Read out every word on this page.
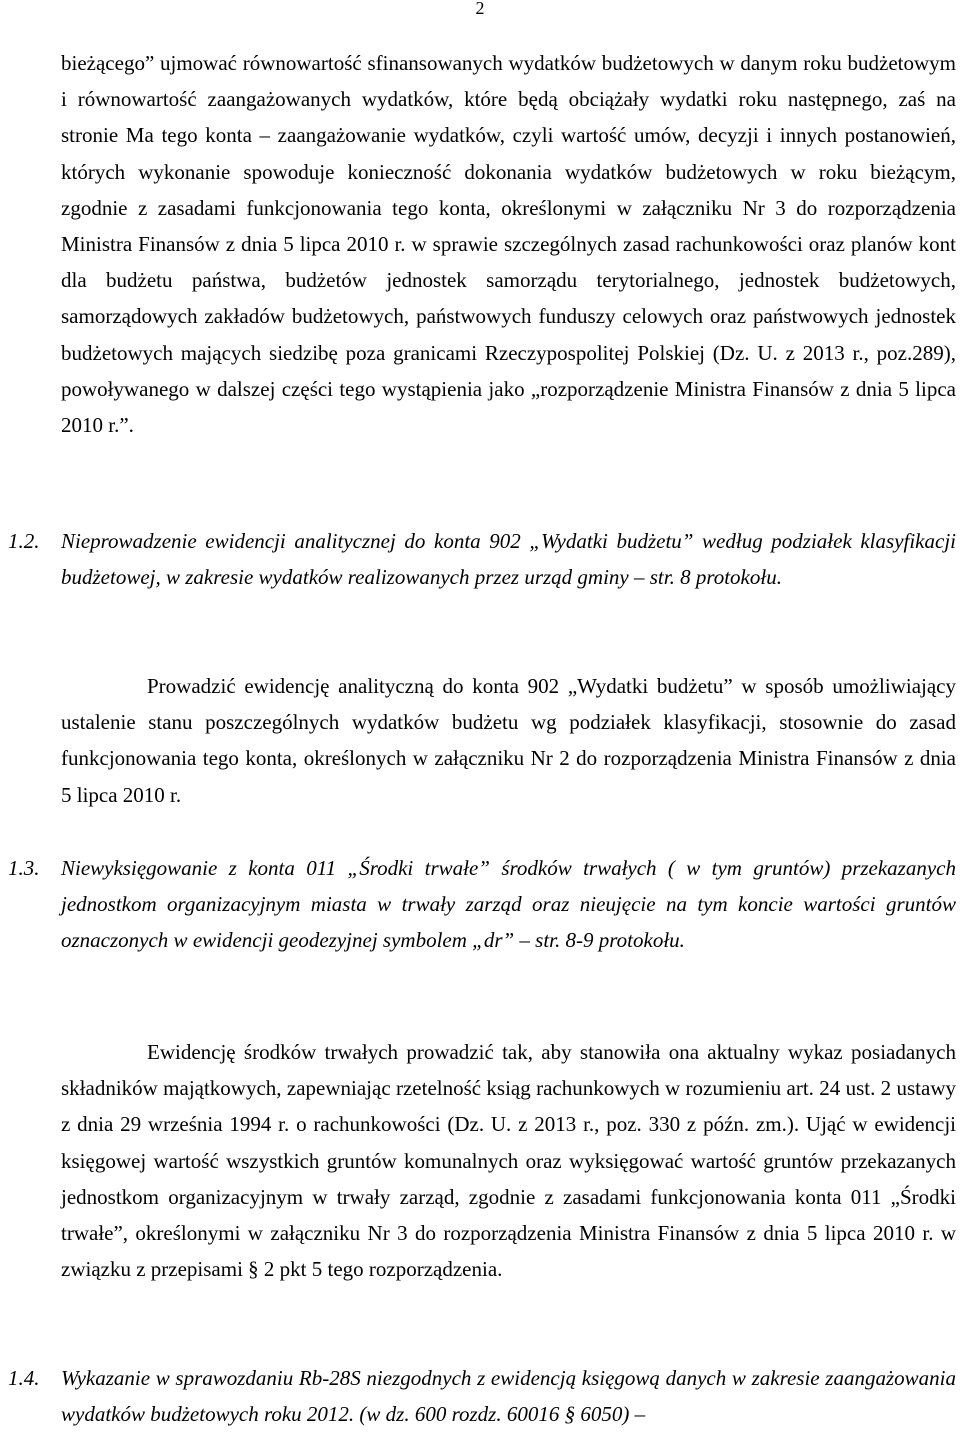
2

bieżącego” ujmować równowartość sfinansowanych wydatków budżetowych w danym roku budżetowym i równowartość zaangażowanych wydatków, które będą obciążały wydatki roku następnego, zaś na stronie Ma tego konta – zaangażowanie wydatków, czyli wartość umów, decyzji i innych postanowień, których wykonanie spowoduje konieczność dokonania wydatków budżetowych w roku bieżącym, zgodnie z zasadami funkcjonowania tego konta, określonymi w załączniku Nr 3 do rozporządzenia Ministra Finansów z dnia 5 lipca 2010 r. w sprawie szczególnych zasad rachunkowości oraz planów kont dla budżetu państwa, budżetów jednostek samorządu terytorialnego, jednostek budżetowych, samorządowych zakładów budżetowych, państwowych funduszy celowych oraz państwowych jednostek budżetowych mających siedzibę poza granicami Rzeczypospolitej Polskiej (Dz. U. z 2013 r., poz.289), powoływanego w dalszej części tego wystąpienia jako „rozporządzenie Ministra Finansów z dnia 5 lipca 2010 r.”.

1.2. Nieprowadzenie ewidencji analitycznej do konta 902 „Wydatki budżetu” według podziałek klasyfikacji budżetowej, w zakresie wydatków realizowanych przez urząd gminy – str. 8 protokołu.

Prowadzić ewidencję analityczną do konta 902 „Wydatki budżetu” w sposób umożliwiający ustalenie stanu poszczególnych wydatków budżetu wg podziałek klasyfikacji, stosownie do zasad funkcjonowania tego konta, określonych w załączniku Nr 2 do rozporządzenia Ministra Finansów z dnia 5 lipca 2010 r.

1.3. Niewyksięgowanie z konta 011 „Środki trwałe” środków trwałych ( w tym gruntów) przekazanych jednostkom organizacyjnym miasta w trwały zarząd oraz nieujęcie na tym koncie wartości gruntów oznaczonych w ewidencji geodezyjnej symbolem „dr” – str. 8-9 protokołu.

Ewidencję środków trwałych prowadzić tak, aby stanowiła ona aktualny wykaz posiadanych składników majątkowych, zapewniając rzetelność ksiąg rachunkowych w rozumieniu art. 24 ust. 2 ustawy z dnia 29 września 1994 r. o rachunkowości (Dz. U. z 2013 r., poz. 330 z późn. zm.). Ująć w ewidencji księgowej wartość wszystkich gruntów komunalnych oraz wyksięgować wartość gruntów przekazanych jednostkom organizacyjnym w trwały zarząd, zgodnie z zasadami funkcjonowania konta 011 „Środki trwałe”, określonymi w załączniku Nr 3 do rozporządzenia Ministra Finansów z dnia 5 lipca 2010 r. w związku z przepisami § 2 pkt 5 tego rozporządzenia.

1.4. Wykazanie w sprawozdaniu Rb-28S niezgodnych z ewidencją księgową danych w zakresie zaangażowania wydatków budżetowych roku 2012. (w dz. 600 rozdz. 60016 § 6050) –
